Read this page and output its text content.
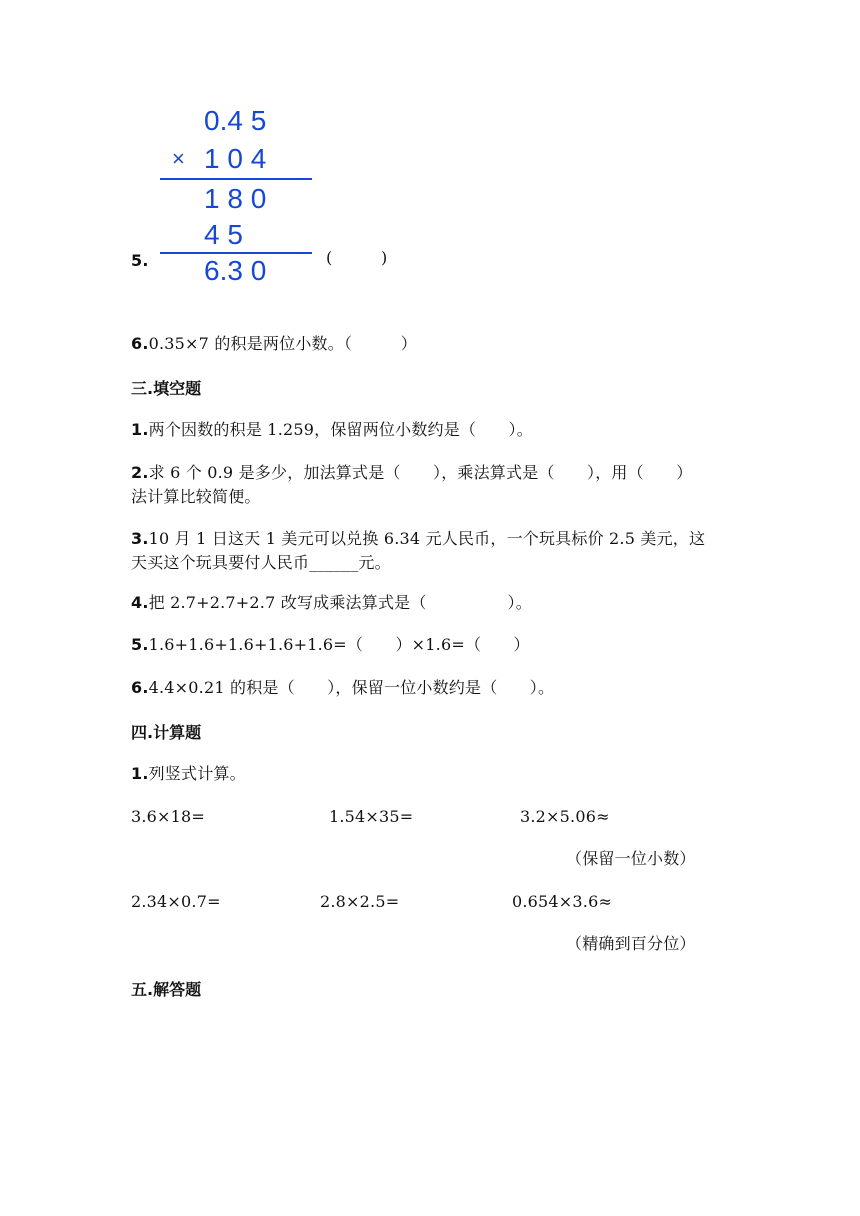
5.
0.4 5
× 1 0 4
1 8 0
4 5
6.3 0	(　　　)
6.0.35×7 的积是两位小数。（　　　）
三.填空题
1.两个因数的积是 1.259，保留两位小数约是（　　）。
2.求 6 个 0.9 是多少，加法算式是（　　），乘法算式是（　　），用（　　）
法计算比较简便。
3.10 月 1 日这天 1 美元可以兑换 6.34 元人民币，一个玩具标价 2.5 美元，这
天买这个玩具要付人民币______元。
4.把 2.7+2.7+2.7 改写成乘法算式是（　　　　　）。
5.1.6+1.6+1.6+1.6+1.6=（　　）×1.6=（　　）
6.4.4×0.21 的积是（　　），保留一位小数约是（　　）。
四.计算题
1.列竖式计算。
3.6×18=	1.54×35=	3.2×5.06≈
（保留一位小数）
2.34×0.7=	2.8×2.5=	0.654×3.6≈
（精确到百分位）
五.解答题
